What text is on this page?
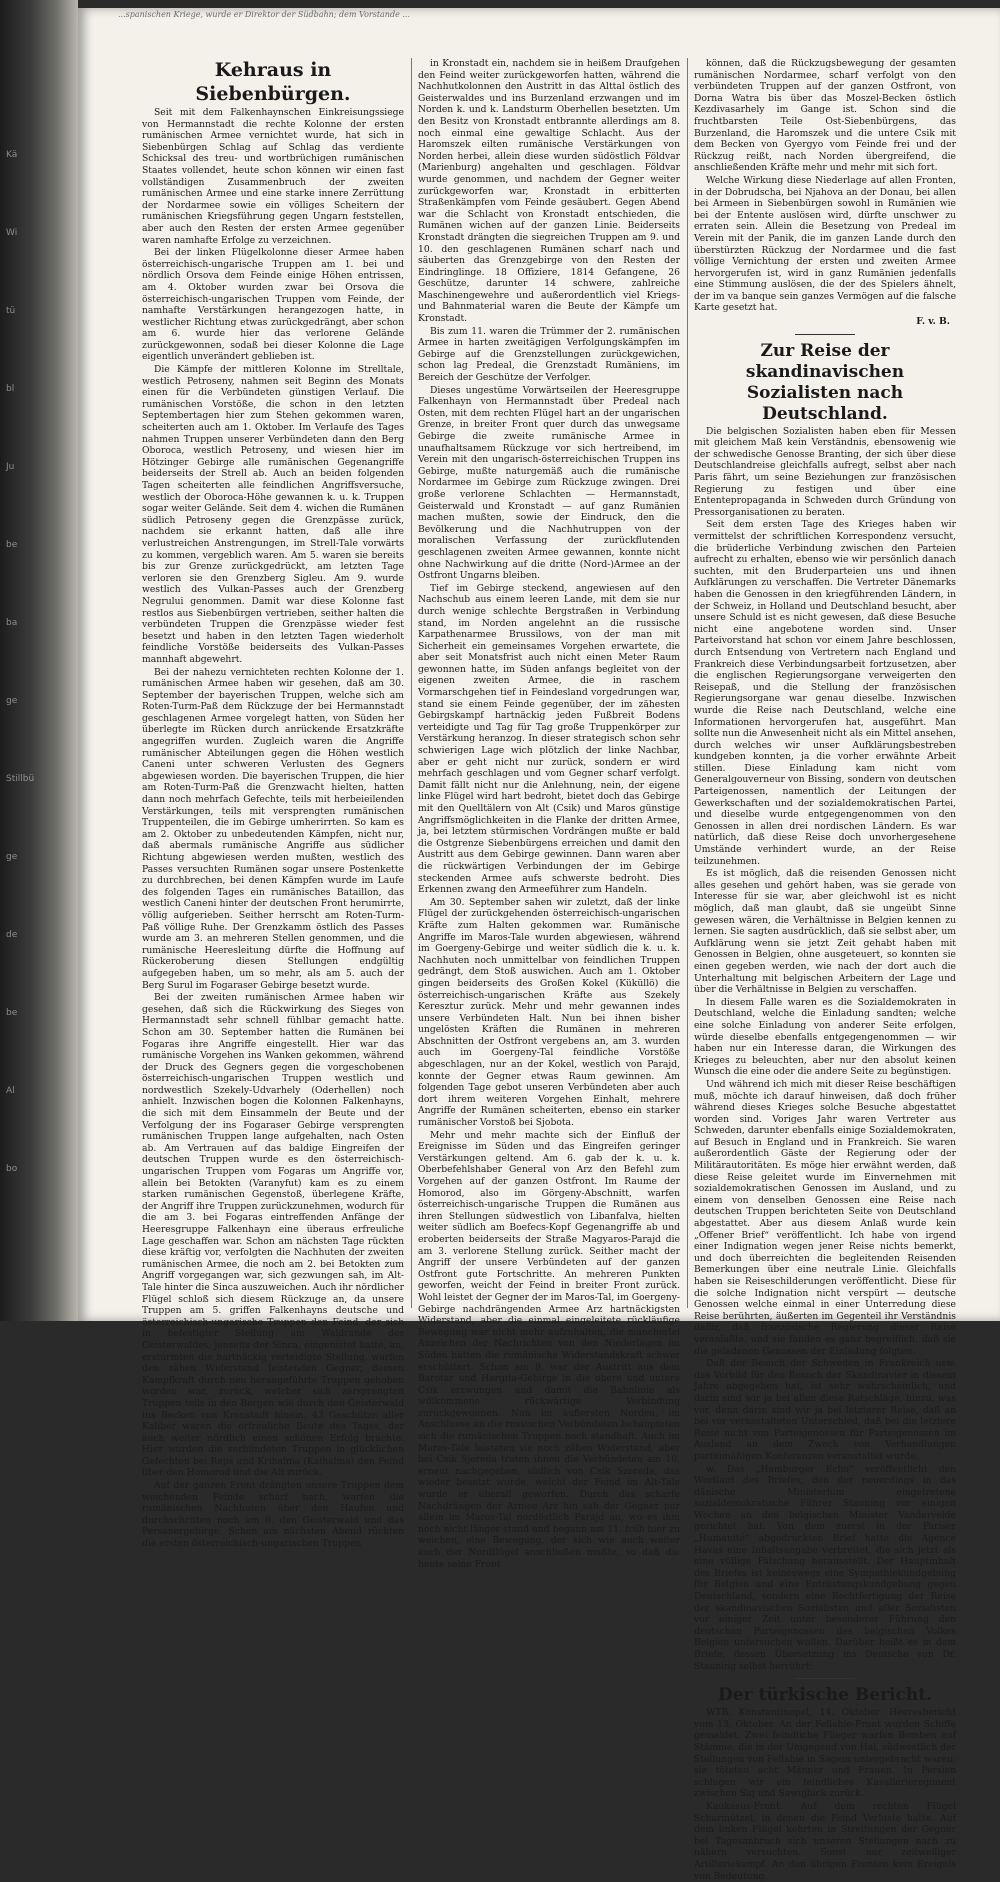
Kä
Wi
tü
bl
Ju
be
ba
ge
Stillbü
ge
de
be
Al
bo
...spanischen Kriege, wurde er Direktor der Südbahn; dem Vorstande ...

Kehraus in Siebenbürgen.

Seit mit dem Falkenhaynschen Einkreisungssiege von Hermannstadt die rechte Kolonne der ersten rumänischen Armee vernichtet wurde, hat sich in Siebenbürgen Schlag auf Schlag das verdiente Schicksal des treu- und wortbrüchigen rumänischen Staates vollendet, heute schon können wir einen fast vollständigen Zusammenbruch der zweiten rumänischen Armee und eine starke innere Zerrüttung der Nordarmee sowie ein völliges Scheitern der rumänischen Kriegsführung gegen Ungarn feststellen, aber auch den Resten der ersten Armee gegenüber waren namhafte Erfolge zu verzeichnen.

Bei der linken Flügelkolonne dieser Armee haben österreichisch-ungarische Truppen am 1. bei und nördlich Orsova dem Feinde einige Höhen entrissen, am 4. Oktober wurden zwar bei Orsova die österreichisch-ungarischen Truppen vom Feinde, der namhafte Verstärkungen herangezogen hatte, in westlicher Richtung etwas zurückgedrängt, aber schon am 6. wurde hier das verlorene Gelände zurückgewonnen, sodaß bei dieser Kolonne die Lage eigentlich unverändert geblieben ist.

Die Kämpfe der mittleren Kolonne im Strelltale, westlich Petroseny, nahmen seit Beginn des Monats einen für die Verbündeten günstigen Verlauf. Die rumänischen Vorstöße, die schon in den letzten Septembertagen hier zum Stehen gekommen waren, scheiterten auch am 1. Oktober. Im Verlaufe des Tages nahmen Truppen unserer Verbündeten dann den Berg Oboroca, westlich Petroseny, und wiesen hier im Hötzinger Gebirge alle rumänischen Gegenangriffe beiderseits der Strell ab. Auch an beiden folgenden Tagen scheiterten alle feindlichen Angriffsversuche, westlich der Oboroca-Höhe gewannen k. u. k. Truppen sogar weiter Gelände. Seit dem 4. wichen die Rumänen südlich Petroseny gegen die Grenzpässe zurück, nachdem sie erkannt hatten, daß alle ihre verlustreichen Anstrengungen, im Strell-Tale vorwärts zu kommen, vergeblich waren. Am 5. waren sie bereits bis zur Grenze zurückgedrückt, am letzten Tage verloren sie den Grenzberg Sigleu. Am 9. wurde westlich des Vulkan-Passes auch der Grenzberg Negrului genommen. Damit war diese Kolonne fast restlos aus Siebenbürgen vertrieben, seither halten die verbündeten Truppen die Grenzpässe wieder fest besetzt und haben in den letzten Tagen wiederholt feindliche Vorstöße beiderseits des Vulkan-Passes mannhaft abgewehrt.

Bei der nahezu vernichteten rechten Kolonne der 1. rumänischen Armee haben wir gesehen, daß am 30. September der bayerischen Truppen, welche sich am Roten-Turm-Paß dem Rückzuge der bei Hermannstadt geschlagenen Armee vorgelegt hatten, von Süden her überlegte im Rücken durch anrückende Ersatzkräfte angegriffen wurden. Zugleich waren die Angriffe rumänischer Abteilungen gegen die Höhen westlich Caneni unter schweren Verlusten des Gegners abgewiesen worden. Die bayerischen Truppen, die hier am Roten-Turm-Paß die Grenzwacht hielten, hatten dann noch mehrfach Gefechte, teils mit herbeieilenden Verstärkungen, teils mit versprengten rumänischen Truppenteilen, die im Gebirge umherirrten. So kam es am 2. Oktober zu unbedeutenden Kämpfen, nicht nur, daß abermals rumänische Angriffe aus südlicher Richtung abgewiesen werden mußten, westlich des Passes versuchten Rumänen sogar unsere Postenkette zu durchbrechen, bei denen Kämpfen wurde im Laufe des folgenden Tages ein rumänisches Bataillon, das westlich Caneni hinter der deutschen Front herumirrte, völlig aufgerieben. Seither herrscht am Roten-Turm-Paß völlige Ruhe. Der Grenzkamm östlich des Passes wurde am 3. an mehreren Stellen genommen, und die rumänische Heeresleitung dürfte die Hoffnung auf Rückeroberung diesen Stellungen endgültig aufgegeben haben, um so mehr, als am 5. auch der Berg Surul im Fogaraser Gebirge besetzt wurde.

Bei der zweiten rumänischen Armee haben wir gesehen, daß sich die Rückwirkung des Sieges von Hermannstadt sehr schnell fühlbar gemacht hatte. Schon am 30. September hatten die Rumänen bei Fogaras ihre Angriffe eingestellt. Hier war das rumänische Vorgehen ins Wanken gekommen, während der Druck des Gegners gegen die vorgeschobenen österreichisch-ungarischen Truppen westlich und nordwestlich Szekely-Udvarhely (Oderhellen) noch anhielt. Inzwischen bogen die Kolonnen Falkenhayns, die sich mit dem Einsammeln der Beute und der Verfolgung der ins Fogaraser Gebirge versprengten rumänischen Truppen lange aufgehalten, nach Osten ab. Am Vertrauen auf das baldige Eingreifen der deutschen Truppen wurde es den österreichisch-ungarischen Truppen vom Fogaras um Angriffe vor, allein bei Betokten (Varanyfut) kam es zu einem starken rumänischen Gegenstoß, überlegene Kräfte, der Angriff ihre Truppen zurückzunehmen, wodurch für die am 3. bei Fogaras eintreffenden Anfänge der Heeresgruppe Falkenhayn eine überaus erfreuliche Lage geschaffen war. Schon am nächsten Tage rückten diese kräftig vor, verfolgten die Nachhuten der zweiten rumänischen Armee, die noch am 2. bei Betokten zum Angriff vorgegangen war, sich gezwungen sah, im Alt-Tale hinter die Sinca auszuweichen. Auch ihr nördlicher Flügel schloß sich diesem Rückzuge an, da unsere Truppen am 5. griffen Falkenhayns deutsche und österreichisch-ungarische Truppen den Feind, der sich in befestigter Stellung am Waldrande des Geisterwaldes, jenseits der Sinca, eingenistet hatte, an, erstürmten die hartnäckig verteidigte Stellung, warfen den zähen Widerstand leistenden Gegner, dessen Kampfkraft durch neu herangeführte Truppen gehoben worden war, zurück, welcher sich zersprengten Truppen teils in den Bergen wie durch den Geisterwald ins Becken von Kronstadt hinein. 43 Geschütze aller Kaliber waren die erfreuliche Beute des Tages, der auch weiter nördlich einen schönen Erfolg brachte. Hier wurden die verbündeten Truppen in glücklichen Gefechten bei Reps und Krihalma (Kaihalma) den Feind über den Homorod und die Alt zurück.

Auf der ganzen Front drängten unsere Truppen dem weichenden Feinde scharf nach, warfen die rumänischen Nachhuten über den Haufen und durchschritten noch am 6. den Geisterwald und das Persanergebirge. Schon am nächsten Abend rückten die ersten österreichisch-ungarischen Truppen

in Kronstadt ein, nachdem sie in heißem Draufgehen den Feind weiter zurückgeworfen hatten, während die Nachhutkolonnen den Austritt in das Alttal östlich des Geisterwaldes und ins Burzenland erzwangen und im Norden k. und k. Landsturm Oberhellen besetzten. Um den Besitz von Kronstadt entbrannte allerdings am 8. noch einmal eine gewaltige Schlacht. Aus der Haromszek eilten rumänische Verstärkungen von Norden herbei, allein diese wurden südöstlich Földvar (Marienburg) angehalten und geschlagen. Földvar wurde genommen, und nachdem der Gegner weiter zurückgeworfen war, Kronstadt in erbitterten Straßenkämpfen vom Feinde gesäubert. Gegen Abend war die Schlacht von Kronstadt entschieden, die Rumänen wichen auf der ganzen Linie. Beiderseits Kronstadt drängten die siegreichen Truppen am 9. und 10. den geschlagenen Rumänen scharf nach und säuberten das Grenzgebirge von den Resten der Eindringlinge. 18 Offiziere, 1814 Gefangene, 26 Geschütze, darunter 14 schwere, zahlreiche Maschinengewehre und außerordentlich viel Kriegs- und Bahnmaterial waren die Beute der Kämpfe um Kronstadt.

Bis zum 11. waren die Trümmer der 2. rumänischen Armee in harten zweitägigen Verfolgungskämpfen im Gebirge auf die Grenzstellungen zurückgewichen, schon lag Predeal, die Grenzstadt Rumäniens, im Bereich der Geschütze der Verfolger.

Dieses ungestüme Vorwärtseilen der Heeresgruppe Falkenhayn von Hermannstadt über Predeal nach Osten, mit dem rechten Flügel hart an der ungarischen Grenze, in breiter Front quer durch das unwegsame Gebirge die zweite rumänische Armee in unaufhaltsamem Rückzuge vor sich hertreibend, im Verein mit den ungarisch-österreichischen Truppen ins Gebirge, mußte naturgemäß auch die rumänische Nordarmee im Gebirge zum Rückzuge zwingen. Drei große verlorene Schlachten — Hermannstadt, Geisterwald und Kronstadt — auf ganz Rumänien machen mußten, sowie der Eindruck, den die Bevölkerung und die Nachhutruppen von der moralischen Verfassung der zurückflutenden geschlagenen zweiten Armee gewannen, konnte nicht ohne Nachwirkung auf die dritte (Nord-)Armee an der Ostfront Ungarns bleiben.

Tief im Gebirge steckend, angewiesen auf den Nachschub aus einem leeren Lande, mit dem sie nur durch wenige schlechte Bergstraßen in Verbindung stand, im Norden angelehnt an die russische Karpathenarmee Brussilows, von der man mit Sicherheit ein gemeinsames Vorgehen erwartete, die aber seit Monatsfrist auch nicht einen Meter Raum gewonnen hatte, im Süden anfangs begleitet von der eigenen zweiten Armee, die in raschem Vormarschgehen tief in Feindesland vorgedrungen war, stand sie einem Feinde gegenüber, der im zähesten Gebirgskampf hartnäckig jeden Fußbreit Bodens verteidigte und Tag für Tag große Truppenkörper zur Verstärkung heranzog. In dieser strategisch schon sehr schwierigen Lage wich plötzlich der linke Nachbar, aber er geht nicht nur zurück, sondern er wird mehrfach geschlagen und vom Gegner scharf verfolgt. Damit fällt nicht nur die Anlehnung, nein, der eigene linke Flügel wird hart bedroht, bietet doch das Gebirge mit den Quelltälern von Alt (Csik) und Maros günstige Angriffsmöglichkeiten in die Flanke der dritten Armee, ja, bei letztem stürmischen Vordrängen mußte er bald die Ostgrenze Siebenbürgens erreichen und damit den Austritt aus dem Gebirge gewinnen. Dann waren aber die rückwärtigen Verbindungen der im Gebirge steckenden Armee aufs schwerste bedroht. Dies Erkennen zwang den Armeeführer zum Handeln.

Am 30. September sahen wir zuletzt, daß der linke Flügel der zurückgehenden österreichisch-ungarischen Kräfte zum Halten gekommen war. Rumänische Angriffe im Maros-Tale wurden abgewiesen, während im Goergeny-Gebirge und weiter südlich die k. u. k. Nachhuten noch unmittelbar von feindlichen Truppen gedrängt, dem Stoß auswichen. Auch am 1. Oktober gingen beiderseits des Großen Kokel (Küküllö) die österreichisch-ungarischen Kräfte aus Szekely Keresztur zurück. Mehr und mehr gewannen indes unsere Verbündeten Halt. Nun bei ihnen bisher ungelösten Kräften die Rumänen in mehreren Abschnitten der Ostfront vergebens an, am 3. wurden auch im Goergeny-Tal feindliche Vorstöße abgeschlagen, nur an der Kokel, westlich von Parajd, konnte der Gegner etwas Raum gewinnen. Am folgenden Tage gebot unseren Verbündeten aber auch dort ihrem weiteren Vorgehen Einhalt, mehrere Angriffe der Rumänen scheiterten, ebenso ein starker rumänischer Vorstoß bei Sjobota.

Mehr und mehr machte sich der Einfluß der Ereignisse im Süden und das Eingreifen geringer Verstärkungen geltend. Am 6. gab der k. u. k. Oberbefehlshaber General von Arz den Befehl zum Vorgehen auf der ganzen Ostfront. Im Raume der Homorod, also im Görgeny-Abschnitt, warfen österreichisch-ungarische Truppen die Rumänen aus ihren Stellungen südwestlich von Libanfalva, hielten weiter südlich am Boefecs-Kopf Gegenangriffe ab und eroberten beiderseits der Straße Magyaros-Parajd die am 3. verlorene Stellung zurück. Seither macht der Angriff der unsere Verbündeten auf der ganzen Ostfront gute Fortschritte. An mehreren Punkten geworfen, weicht der Feind in breiter Front zurück. Wohl leistet der Gegner der im Maros-Tal, im Goergeny-Gebirge nachdrängenden Armee Arz hartnäckigsten Widerstand, aber die einmal eingeleitete rückläufige Bewegung war nicht mehr aufzuhalten, die mancherlei Anzeichen der Nachrichten von den Niederlagen im Süden hatten die rumänische Widerstandskraft schwer erschüttert. Schon am 9. war der Austritt aus dem Barotar und Hargita-Gebirge in die obere und untere Csik erzwungen und damit die Bahnlinie als willkommene rückwärtige Verbindung zurückgewonnen. Nun im äußersten Norden, im Anschlusse an die russischen Verbündeten behaupteten sich die rumänischen Truppen noch standhaft. Auch im Maros-Tale leisteten sie noch zähen Widerstand, aber bei Csik Sjereda traten ihnen die Verbündeten am 10. erneut nachgegeben, südlich von Csik Szereda, das wieder besetzt wurde, weicht der Feind im Alt-Tale wurde er überall geworfen. Durch das scharfe Nachdrängen der Armee Arz hin sah der Gegner nur allein im Maros-Tal nordöstlich Parajd an, wo es ihm noch nicht länger stand und begann am 11. früh hier zu weichen, eine Bewegung, der sich wie auch weiter auch der Nordflügel anschließen mußte, so daß die heute seine Front

können, daß die Rückzugsbewegung der gesamten rumänischen Nordarmee, scharf verfolgt von den verbündeten Truppen auf der ganzen Ostfront, von Dorna Watra bis über das Moszel-Becken östlich Kezdivasarhely im Gange ist. Schon sind die fruchtbarsten Teile Ost-Siebenbürgens, das Burzenland, die Haromszek und die untere Csik mit dem Becken von Gyergyo vom Feinde frei und der Rückzug reißt, nach Norden übergreifend, die anschließenden Kräfte mehr und mehr mit sich fort.

Welche Wirkung diese Niederlage auf allen Fronten, in der Dobrudscha, bei Njahova an der Donau, bei allen bei Armeen in Siebenbürgen sowohl in Rumänien wie bei der Entente auslösen wird, dürfte unschwer zu erraten sein. Allein die Besetzung von Predeal im Verein mit der Panik, die im ganzen Lande durch den überstürzten Rückzug der Nordarmee und die fast völlige Vernichtung der ersten und zweiten Armee hervorgerufen ist, wird in ganz Rumänien jedenfalls eine Stimmung auslösen, die der des Spielers ähnelt, der im va banque sein ganzes Vermögen auf die falsche Karte gesetzt hat.

F. v. B.

Zur Reise der skandinavischen Sozialisten nach Deutschland.

Die belgischen Sozialisten haben eben für Messen mit gleichem Maß kein Verständnis, ebensowenig wie der schwedische Genosse Branting, der sich über diese Deutschlandreise gleichfalls aufregt, selbst aber nach Paris fährt, um seine Beziehungen zur französischen Regierung zu festigen und über eine Ententepropaganda in Schweden durch Gründung von Pressorganisationen zu beraten.

Seit dem ersten Tage des Krieges haben wir vermittelst der schriftlichen Korrespondenz versucht, die brüderliche Verbindung zwischen den Parteien aufrecht zu erhalten, ebenso wie wir persönlich danach suchten, mit den Bruderparteien uns und ihnen Aufklärungen zu verschaffen. Die Vertreter Dänemarks haben die Genossen in den kriegführenden Ländern, in der Schweiz, in Holland und Deutschland besucht, aber unsere Schuld ist es nicht gewesen, daß diese Besuche nicht eine angebotene worden sind. Unser Parteivorstand hat schon vor einem Jahre beschlossen, durch Entsendung von Vertretern nach England und Frankreich diese Verbindungsarbeit fortzusetzen, aber die englischen Regierungsorgane verweigerten den Reisepaß, und die Stellung der französischen Regierungsorgane war genau dieselbe. Inzwischen wurde die Reise nach Deutschland, welche eine Informationen hervorgerufen hat, ausgeführt. Man sollte nun die Anwesenheit nicht als ein Mittel ansehen, durch welches wir unser Aufklärungsbestreben kundgeben konnten, ja die vorher erwähnte Arbeit stillen. Diese Einladung kam nicht vom Generalgouverneur von Bissing, sondern von deutschen Parteigenossen, namentlich der Leitungen der Gewerkschaften und der sozialdemokratischen Partei, und dieselbe wurde entgegengenommen von den Genossen in allen drei nordischen Ländern. Es war natürlich, daß diese Reise doch unvorhergesehene Umstände verhindert wurde, an der Reise teilzunehmen.

Es ist möglich, daß die reisenden Genossen nicht alles gesehen und gehört haben, was sie gerade von Interesse für sie war, aber gleichwohl ist es nicht möglich, daß man glaubt, daß sie ungeübt Sinne gewesen wären, die Verhältnisse in Belgien kennen zu lernen. Sie sagten ausdrücklich, daß sie selbst aber, um Aufklärung wenn sie jetzt Zeit gehabt haben mit Genossen in Belgien, ohne ausgeteuert, so konnten sie einen gegeben werden, wie nach der dort auch die Unterhaltung mit belgischen Arbeitern der Lage und über die Verhältnisse in Belgien zu verschaffen.

In diesem Falle waren es die Sozialdemokraten in Deutschland, welche die Einladung sandten; welche eine solche Einladung von anderer Seite erfolgen, würde dieselbe ebenfalls entgegengenommen — wir haben nur ein Interesse daran, die Wirkungen des Krieges zu beleuchten, aber nur den absolut keinen Wunsch die eine oder die andere Seite zu begünstigen.

Und während ich mich mit dieser Reise beschäftigen muß, möchte ich darauf hinweisen, daß doch früher während dieses Krieges solche Besuche abgestattet worden sind. Voriges Jahr waren Vertreter aus Schweden, darunter ebenfalls einige Sozialdemokraten, auf Besuch in England und in Frankreich. Sie waren außerordentlich Gäste der Regierung oder der Militärautoritäten. Es möge hier erwähnt werden, daß diese Reise geleitet wurde im Einvernehmen mit sozialdemokratischen Genossen im Ausland, und zu einem von denselben Genossen eine Reise nach deutschen Truppen berichteten Seite von Deutschland abgestattet. Aber aus diesem Anlaß wurde kein „Offener Brief“ veröffentlicht. Ich habe von irgend einer Indignation wegen jener Reise nichts bemerkt, und doch überreichten die begleitenden Reisenden Bemerkungen über eine neutrale Linie. Gleichfalls haben sie Reiseschilderungen veröffentlicht. Diese für die solche Indignation nicht verspürt — deutsche Genossen welche einmal in einer Unterredung diese Reise berührten, äußerten im Gegenteil ihr Verständnis dafür, daß französische Regierung dieser Reise veranlaßte, und sie fanden es ganz begreiflich, daß sie die geladenen Genossen der Einladung folgten.

Daß der Besuch der Schweden in Frankreich usw. das Vorbild für den Besuch der Skandinavier in diesem Jahre abgegeben hat, ist sehr wahrscheinlich, und darin sind wir ja bei allen diese Ratschläge, hinzu, was vor, denn darin sind wir ja bei letzterer Reise, daß an bei vor veranstalteten Unterschied, daß bei die letztere Reise nicht von Parteigenossen für Parteigenossen im Ausland an dem Zweck von Verhandlungen parteimäßigen Konferenzen veranstaltet wurde.

w. Das „Hamburger Echo“ veröffentlicht den Wortlaut des Briefes, den der neuerdings in das dänische Ministerium eingetretene sozialdemokratische Führer Stauning vor einigen Wochen an den belgischen Minister Vandervelde gerichtet hat. Von dem zuerst in der Pariser „Humanité“ abgedruckten Brief hatte die Agence Havas eine Inhaltsangabe verbreitet, die sich jetzt als eine völlige Fälschung herausstellt. Der Hauptinhalt des Briefes ist keineswegs eine Sympathiekundgebung für Belgien und eine Entrüstungskundgebung gegen Deutschland, sondern eine Rechtfertigung der Reise der skandinavischen Sozialisten und aller Sozialisten vor einiger Zeit unter besonderer Führung den deutschen Parteigenossen des belgischen Volkes Belgien untersuchen wollen. Darüber heißt es in dem Briefe, dessen Übersetzung ins Deutsche von Dr. Stauning selbst herrührt:

Der türkische Bericht.

WTB. Konstantinopel, 14. Oktober. Heeresbericht vom 13. Oktober. An der Fellahie-Front wurden Schiffe gemeldet. Zwei feindliche Flieger warfen Bomben auf Stämme, die in der Umgegend von Hai, südwestlich der Stellungen von Fellahie in Sagem untergebracht waren; sie töteten acht Männer und Frauen. In Persien schlugen wir ein feindliches Kavallerieregiment zwischen Siq und Sawujbick zurück.

Kaukasus-Front. Auf dem rechten Flügel Scharmützel, in denen die Feind Verluste hatte. Auf dem linken Flügel kehrten in Streitungen der Gegner bei Tagesanbruch sich unseren Stellungen nach zu nähern versuchten. Sonst nur zeitweiliger Artilleriekampf. An den übrigen Fronten kein Ereignis von Bedeutung.
